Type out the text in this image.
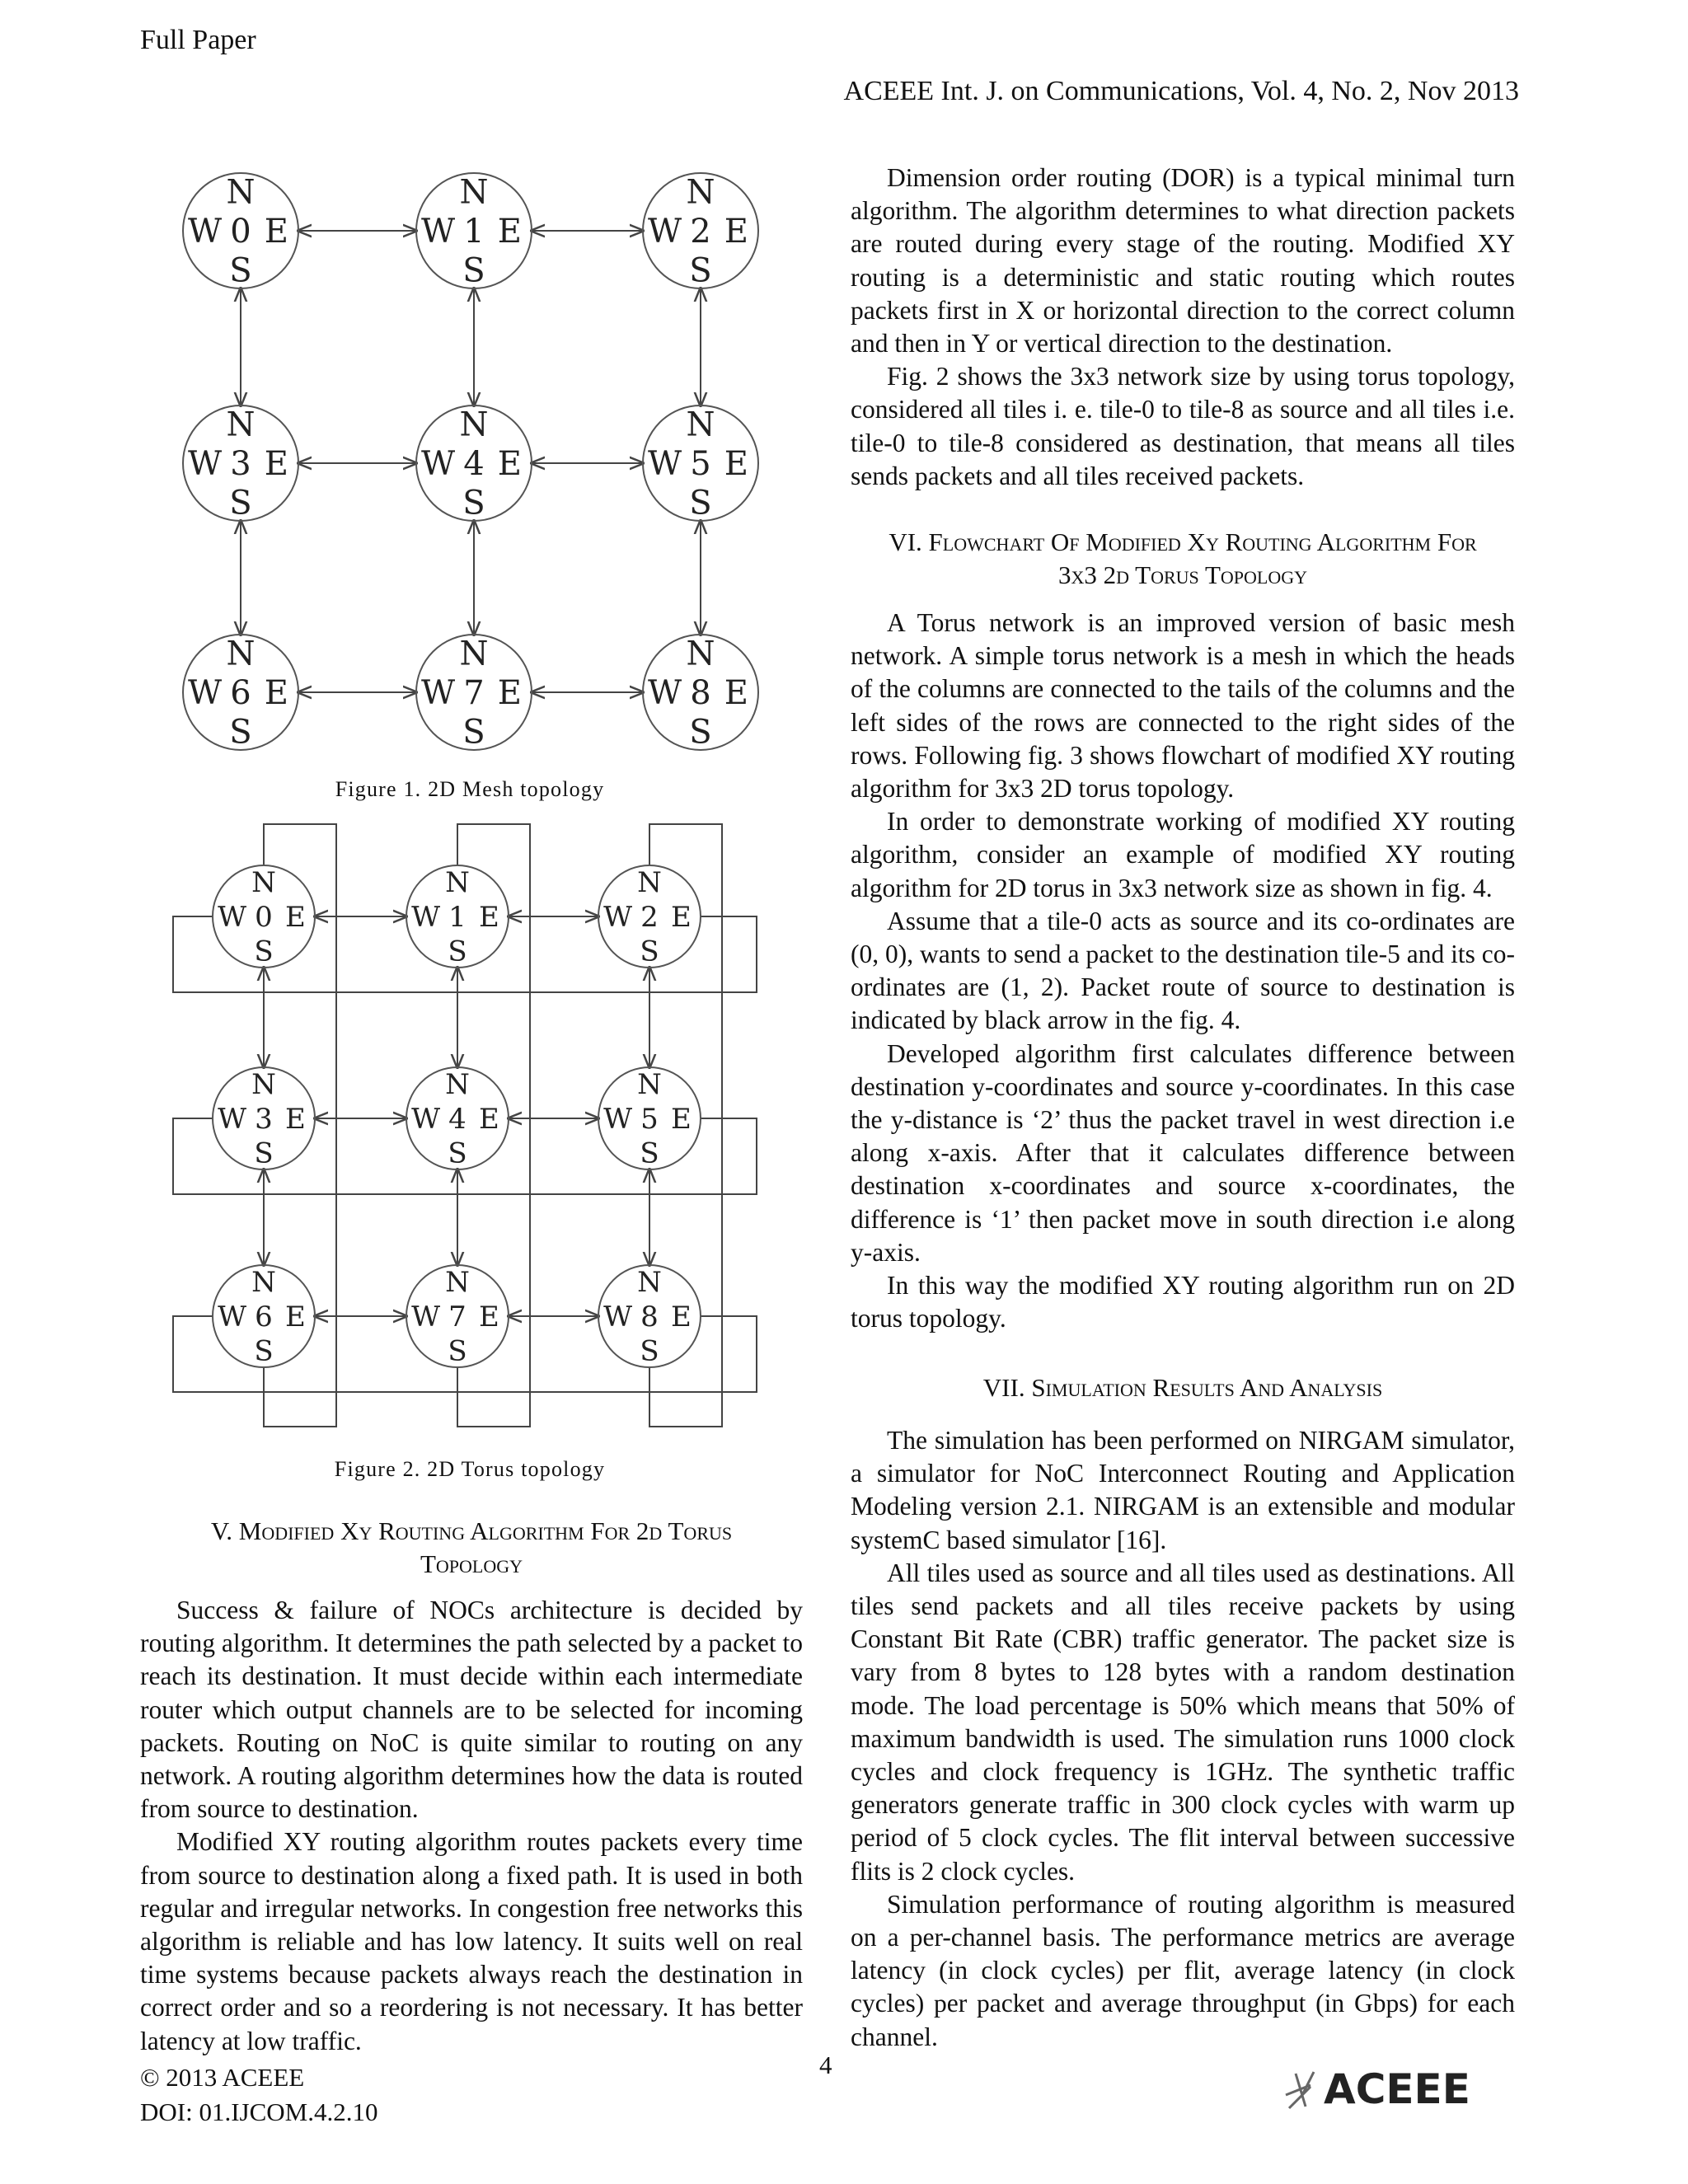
Full Paper
ACEEE Int. J. on Communications, Vol. 4, No. 2, Nov 2013
N
W 0 E
S
N
W 1 E
S
N
W 2 E
S
N
W 3 E
S
N
W 4 E
S
N
W 5 E
S
N
W 6 E
S
N
W 7 E
S
N
W 8 E
S
Figure 1. 2D Mesh topology
N
W 0 E
S
N
W 1 E
S
N
W 2 E
S
N
W 3 E
S
N
W 4 E
S
N
W 5 E
S
N
W 6 E
S
N
W 7 E
S
N
W 8 E
S
Figure 2. 2D Torus topology
V. Modified Xy Routing Algorithm For 2d Torus
Topology

Success & failure of NOCs architecture is decided by routing algorithm. It determines the path selected by a packet to reach its destination. It must decide within each intermediate router which output channels are to be selected for incoming packets. Routing on NoC is quite similar to routing on any network. A routing algorithm determines how the data is routed from source to destination.

Modified XY routing algorithm routes packets every time from source to destination along a fixed path. It is used in both regular and irregular networks. In congestion free networks this algorithm is reliable and has low latency. It suits well on real time systems because packets always reach the destination in correct order and so a reordering is not necessary. It has better latency at low traffic.

Dimension order routing (DOR) is a typical minimal turn algorithm. The algorithm determines to what direction packets are routed during every stage of the routing. Modified XY routing is a deterministic and static routing which routes packets first in X or horizontal direction to the correct column and then in Y or vertical direction to the destination.

Fig. 2 shows the 3x3 network size by using torus topology, considered all tiles i. e. tile-0 to tile-8 as source and all tiles i.e. tile-0 to tile-8 considered as destination, that means all tiles sends packets and all tiles received packets.

VI. Flowchart Of Modified Xy Routing Algorithm For
3x3 2d Torus Topology

A Torus network is an improved version of basic mesh network. A simple torus network is a mesh in which the heads of the columns are connected to the tails of the columns and the left sides of the rows are connected to the right sides of the rows. Following fig. 3 shows flowchart of modified XY routing algorithm for 3x3 2D torus topology.

In order to demonstrate working of modified XY routing algorithm, consider an example of modified XY routing algorithm for 2D torus in 3x3 network size as shown in fig. 4.

Assume that a tile-0 acts as source and its co-ordinates are (0, 0), wants to send a packet to the destination tile-5 and its co-ordinates are (1, 2). Packet route of source to destination is indicated by black arrow in the fig. 4.

Developed algorithm first calculates difference between destination y-coordinates and source y-coordinates. In this case the y-distance is ‘2’ thus the packet travel in west direction i.e along x-axis. After that it calculates difference between destination x-coordinates and source x-coordinates, the difference is ‘1’ then packet move in south direction i.e along y-axis.

In this way the modified XY routing algorithm run on 2D torus topology.

VII. Simulation Results And Analysis

The simulation has been performed on NIRGAM simulator, a simulator for NoC Interconnect Routing and Application Modeling version 2.1. NIRGAM is an extensible and modular systemC based simulator [16].

All tiles used as source and all tiles used as destinations. All tiles send packets and all tiles receive packets by using Constant Bit Rate (CBR) traffic generator. The packet size is vary from 8 bytes to 128 bytes with a random destination mode. The load percentage is 50% which means that 50% of maximum bandwidth is used. The simulation runs 1000 clock cycles and clock frequency is 1GHz. The synthetic traffic generators generate traffic in 300 clock cycles with warm up period of 5 clock cycles. The flit interval between successive flits is 2 clock cycles.

Simulation performance of routing algorithm is measured on a per-channel basis. The performance metrics are average latency (in clock cycles) per flit, average latency (in clock cycles) per packet and average throughput (in Gbps) for each channel.

© 2013 ACEEE
DOI: 01.IJCOM.4.2.10
4
ACEEE
